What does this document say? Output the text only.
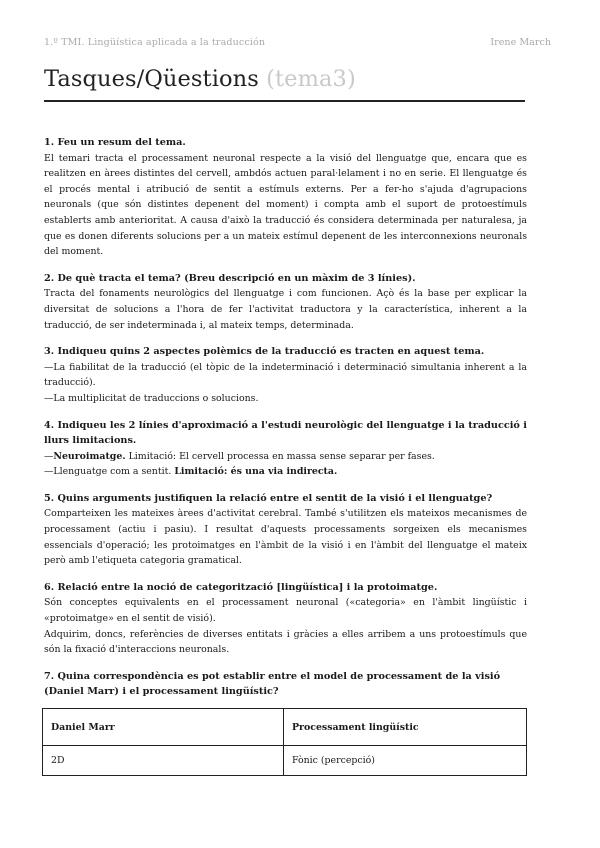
1.º TMI. Lingüística aplicada a la traducción	Irene March
Tasques/Qüestions (tema3)

1. Feu un resum del tema.

El temari tracta el processament neuronal respecte a la visió del llenguatge que, encara que es realitzen en àrees distintes del cervell, ambdós actuen paral·lelament i no en serie. El llenguatge és el procés mental i atribució de sentit a estímuls externs. Per a fer-ho s'ajuda d'agrupacions neuronals (que són distintes depenent del moment) i compta amb el suport de protoestímuls establerts amb anterioritat. A causa d'això la traducció és considera determinada per naturalesa, ja que es donen diferents solucions per a un mateix estímul depenent de les interconnexions neuronals del moment.

2. De què tracta el tema? (Breu descripció en un màxim de 3 línies).

Tracta del fonaments neurològics del llenguatge i com funcionen. Açò és la base per explicar la diversitat de solucions a l'hora de fer l'activitat traductora y la característica, inherent a la traducció, de ser indeterminada i, al mateix temps, determinada.

3. Indiqueu quins 2 aspectes polèmics de la traducció es tracten en aquest tema.

—La fiabilitat de la traducció (el tòpic de la indeterminació i determinació simultania inherent a la traducció).

—La multiplicitat de traduccions o solucions.

4. Indiqueu les 2 línies d'aproximació a l'estudi neurològic del llenguatge i la traducció i llurs limitacions.

—Neuroimatge. Limitació: El cervell processa en massa sense separar per fases.

—Llenguatge com a sentit. Limitació: és una via indirecta.

5. Quins arguments justifiquen la relació entre el sentit de la visió i el llenguatge?

Comparteixen les mateixes àrees d'activitat cerebral. També s'utilitzen els mateixos mecanismes de processament (actiu i pasiu). I resultat d'aquests processaments sorgeixen els mecanismes essencials d'operació; les protoimatges en l'àmbit de la visió i en l'àmbit del llenguatge el mateix però amb l'etiqueta categoria gramatical.

6. Relació entre la noció de categorització [lingüística] i la protoimatge.

Són conceptes equivalents en el processament neuronal («categoria» en l'àmbit lingüístic i «protoimatge» en el sentit de visió).

Adquirim, doncs, referències de diverses entitats i gràcies a elles arribem a uns protoestímuls que són la fixació d'interaccions neuronals.

7. Quina correspondència es pot establir entre el model de processament de la visió (Daniel Marr) i el processament lingüístic?

Daniel Marr	Processament lingüístic
2D	Fònic (percepció)
